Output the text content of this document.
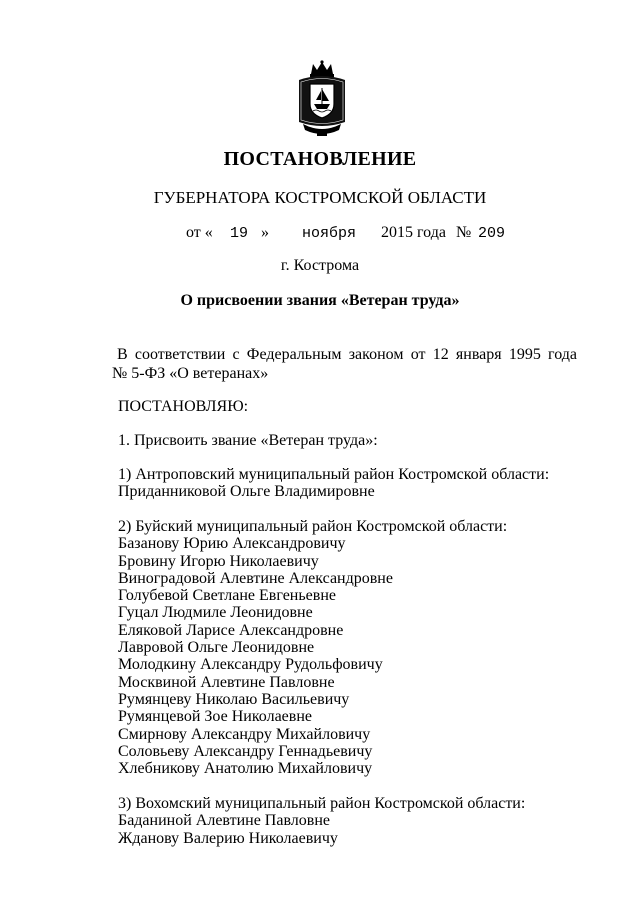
ПОСТАНОВЛЕНИЕ
ГУБЕРНАТОРА КОСТРОМСКОЙ ОБЛАСТИ
от « 19 » ноября 2015 года № 209
г. Кострома
О присвоении звания «Ветеран труда»
В соответствии с Федеральным законом от 12 января 1995 года
№ 5-ФЗ «О ветеранах»
ПОСТАНОВЛЯЮ:
1. Присвоить звание «Ветеран труда»:
1) Антроповский муниципальный район Костромской области:
Приданниковой Ольге Владимировне
2) Буйский муниципальный район Костромской области:
Базанову Юрию Александровичу
Бровину Игорю Николаевичу
Виноградовой Алевтине Александровне
Голубевой Светлане Евгеньевне
Гуцал Людмиле Леонидовне
Еляковой Ларисе Александровне
Лавровой Ольге Леонидовне
Молодкину Александру Рудольфовичу
Москвиной Алевтине Павловне
Румянцеву Николаю Васильевичу
Румянцевой Зое Николаевне
Смирнову Александру Михайловичу
Соловьеву Александру Геннадьевичу
Хлебникову Анатолию Михайловичу
3) Вохомский муниципальный район Костромской области:
Баданиной Алевтине Павловне
Жданову Валерию Николаевичу
